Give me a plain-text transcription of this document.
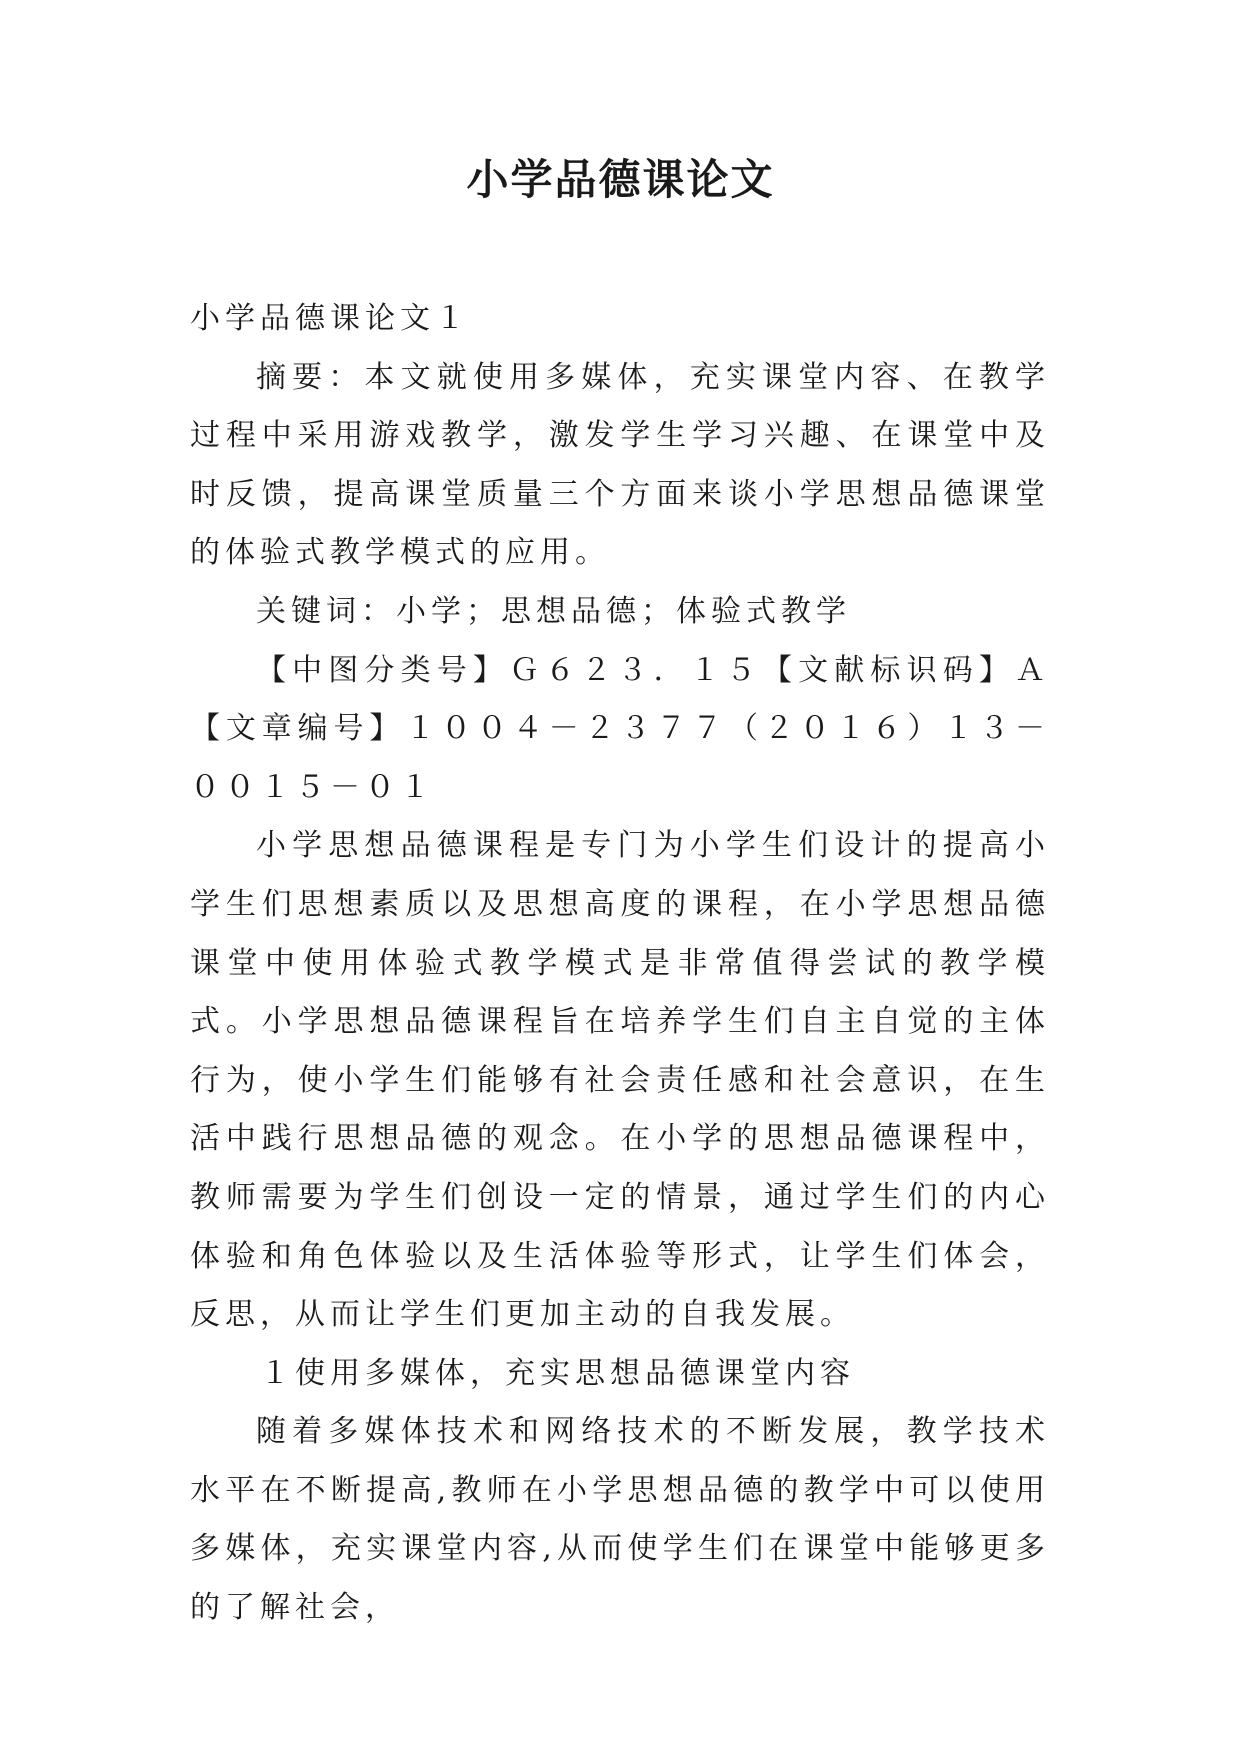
小学品德课论文

小学品德课论文１

摘要：本文就使用多媒体，充实课堂内容、在教学过程中采用游戏教学，激发学生学习兴趣、在课堂中及时反馈，提高课堂质量三个方面来谈小学思想品德课堂的体验式教学模式的应用。

关键词：小学；思想品德；体验式教学

【中图分类号】Ｇ６２３．１５【文献标识码】Ａ【文章编号】１００４－２３７７（２０１６）１３－００１５－０１

小学思想品德课程是专门为小学生们设计的提高小学生们思想素质以及思想高度的课程，在小学思想品德课堂中使用体验式教学模式是非常值得尝试的教学模式。小学思想品德课程旨在培养学生们自主自觉的主体行为，使小学生们能够有社会责任感和社会意识，在生活中践行思想品德的观念。在小学的思想品德课程中，教师需要为学生们创设一定的情景，通过学生们的内心体验和角色体验以及生活体验等形式，让学生们体会，反思，从而让学生们更加主动的自我发展。

１使用多媒体，充实思想品德课堂内容

随着多媒体技术和网络技术的不断发展，教学技术水平在不断提高,教师在小学思想品德的教学中可以使用多媒体，充实课堂内容,从而使学生们在课堂中能够更多的了解社会，
